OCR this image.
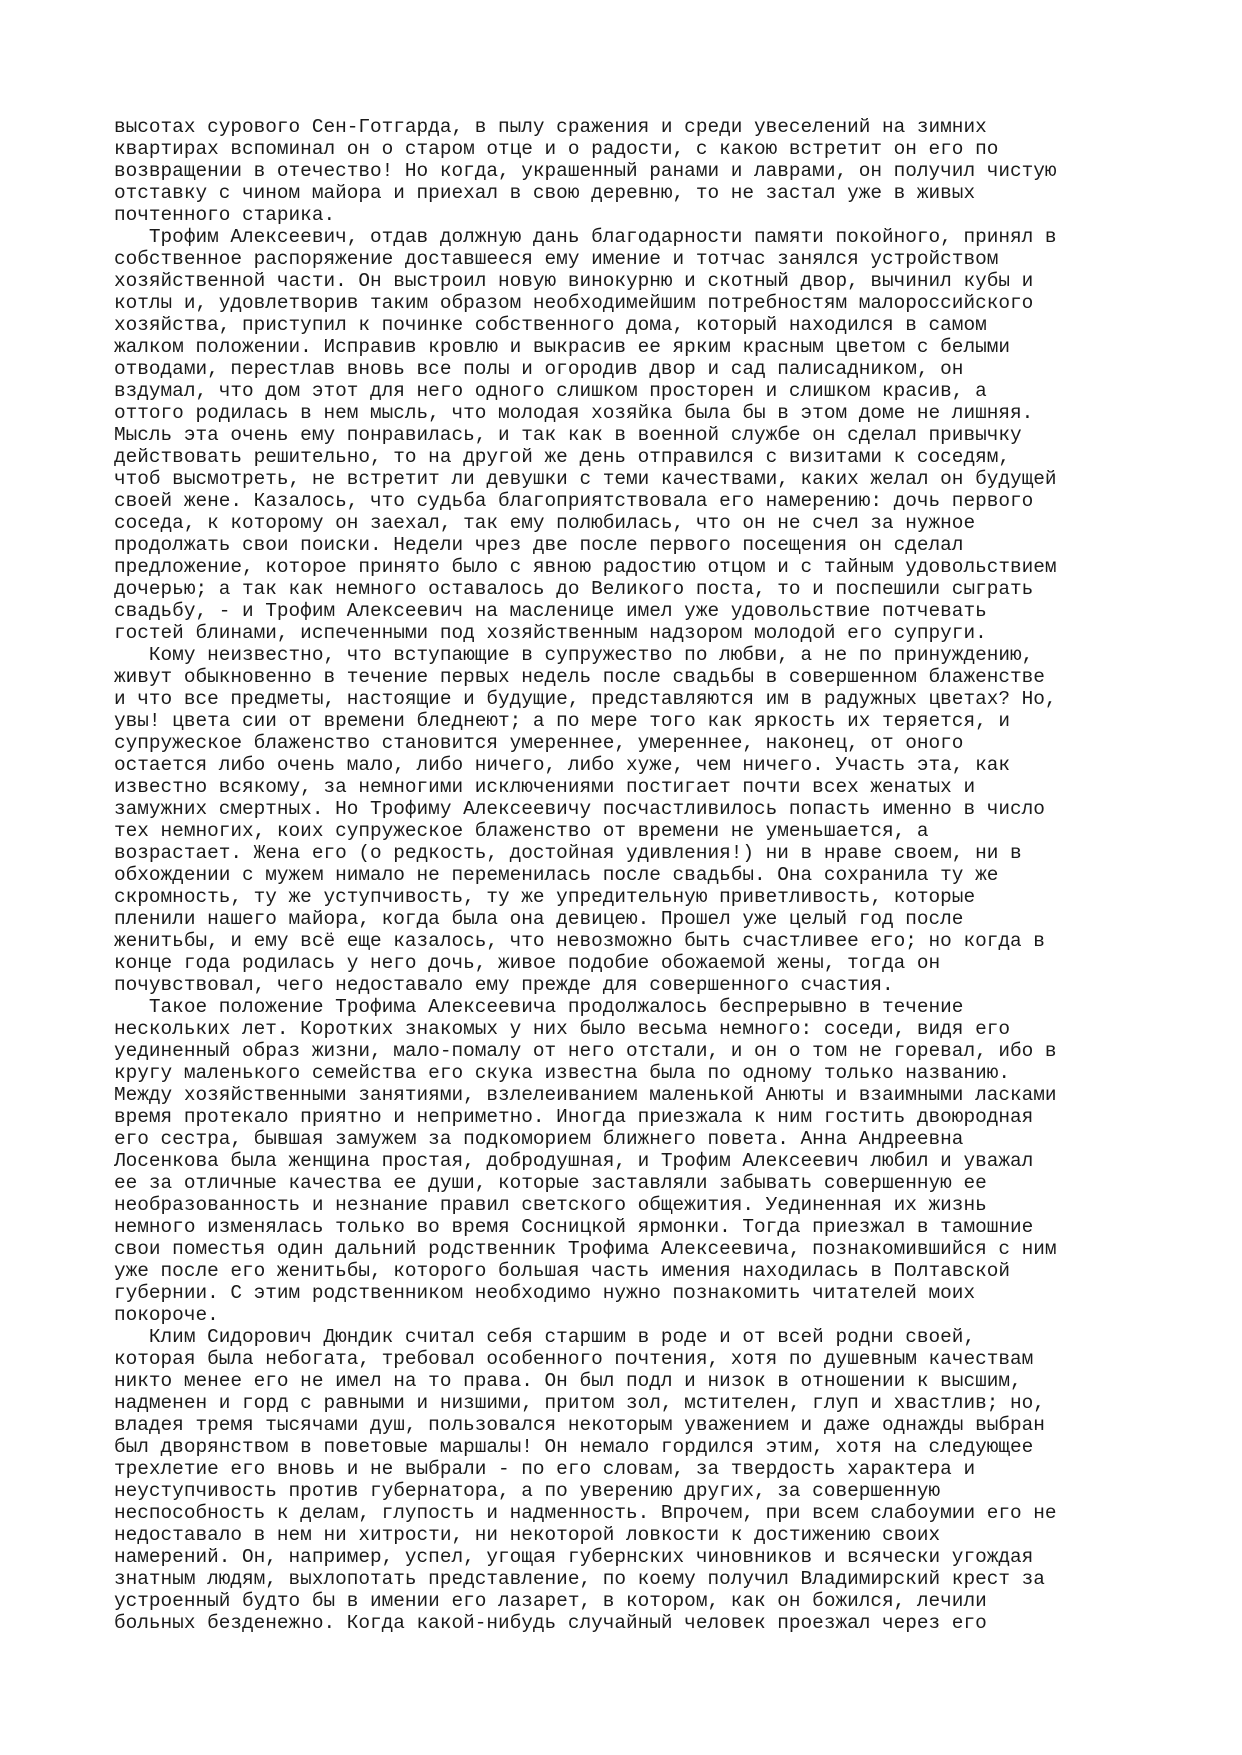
высотах сурового Сен-Готгарда, в пылу сражения и среди увеселений на зимних
квартирах вспоминал он о старом отце и о радости, с какою встретит он его по
возвращении в отечество! Но когда, украшенный ранами и лаврами, он получил чистую
отставку с чином майора и приехал в свою деревню, то не застал уже в живых
почтенного старика.
Трофим Алексеевич, отдав должную дань благодарности памяти покойного, принял в
собственное распоряжение доставшееся ему имение и тотчас занялся устройством
хозяйственной части. Он выстроил новую винокурню и скотный двор, вычинил кубы и
котлы и, удовлетворив таким образом необходимейшим потребностям малороссийского
хозяйства, приступил к починке собственного дома, который находился в самом
жалком положении. Исправив кровлю и выкрасив ее ярким красным цветом с белыми
отводами, перестлав вновь все полы и огородив двор и сад палисадником, он
вздумал, что дом этот для него одного слишком просторен и слишком красив, а
оттого родилась в нем мысль, что молодая хозяйка была бы в этом доме не лишняя.
Мысль эта очень ему понравилась, и так как в военной службе он сделал привычку
действовать решительно, то на другой же день отправился с визитами к соседям,
чтоб высмотреть, не встретит ли девушки с теми качествами, каких желал он будущей
своей жене. Казалось, что судьба благоприятствовала его намерению: дочь первого
соседа, к которому он заехал, так ему полюбилась, что он не счел за нужное
продолжать свои поиски. Недели чрез две после первого посещения он сделал
предложение, которое принято было с явною радостию отцом и с тайным удовольствием
дочерью; а так как немного оставалось до Великого поста, то и поспешили сыграть
свадьбу, - и Трофим Алексеевич на масленице имел уже удовольствие потчевать
гостей блинами, испеченными под хозяйственным надзором молодой его супруги.
Кому неизвестно, что вступающие в супружество по любви, а не по принуждению,
живут обыкновенно в течение первых недель после свадьбы в совершенном блаженстве
и что все предметы, настоящие и будущие, представляются им в радужных цветах? Но,
увы! цвета сии от времени бледнеют; а по мере того как яркость их теряется, и
супружеское блаженство становится умереннее, умереннее, наконец, от оного
остается либо очень мало, либо ничего, либо хуже, чем ничего. Участь эта, как
известно всякому, за немногими исключениями постигает почти всех женатых и
замужних смертных. Но Трофиму Алексеевичу посчастливилось попасть именно в число
тех немногих, коих супружеское блаженство от времени не уменьшается, а
возрастает. Жена его (о редкость, достойная удивления!) ни в нраве своем, ни в
обхождении с мужем нимало не переменилась после свадьбы. Она сохранила ту же
скромность, ту же уступчивость, ту же упредительную приветливость, которые
пленили нашего майора, когда была она девицею. Прошел уже целый год после
женитьбы, и ему всё еще казалось, что невозможно быть счастливее его; но когда в
конце года родилась у него дочь, живое подобие обожаемой жены, тогда он
почувствовал, чего недоставало ему прежде для совершенного счастия.
Такое положение Трофима Алексеевича продолжалось беспрерывно в течение
нескольких лет. Коротких знакомых у них было весьма немного: соседи, видя его
уединенный образ жизни, мало-помалу от него отстали, и он о том не горевал, ибо в
кругу маленького семейства его скука известна была по одному только названию.
Между хозяйственными занятиями, взлелеиванием маленькой Анюты и взаимными ласками
время протекало приятно и неприметно. Иногда приезжала к ним гостить двоюродная
его сестра, бывшая замужем за подкоморием ближнего повета. Анна Андреевна
Лосенкова была женщина простая, добродушная, и Трофим Алексеевич любил и уважал
ее за отличные качества ее души, которые заставляли забывать совершенную ее
необразованность и незнание правил светского общежития. Уединенная их жизнь
немного изменялась только во время Сосницкой ярмонки. Тогда приезжал в тамошние
свои поместья один дальний родственник Трофима Алексеевича, познакомившийся с ним
уже после его женитьбы, которого большая часть имения находилась в Полтавской
губернии. С этим родственником необходимо нужно познакомить читателей моих
покороче.
Клим Сидорович Дюндик считал себя старшим в роде и от всей родни своей,
которая была небогата, требовал особенного почтения, хотя по душевным качествам
никто менее его не имел на то права. Он был подл и низок в отношении к высшим,
надменен и горд с равными и низшими, притом зол, мстителен, глуп и хвастлив; но,
владея тремя тысячами душ, пользовался некоторым уважением и даже однажды выбран
был дворянством в поветовые маршалы! Он немало гордился этим, хотя на следующее
трехлетие его вновь и не выбрали - по его словам, за твердость характера и
неуступчивость против губернатора, а по уверению других, за совершенную
неспособность к делам, глупость и надменность. Впрочем, при всем слабоумии его не
недоставало в нем ни хитрости, ни некоторой ловкости к достижению своих
намерений. Он, например, успел, угощая губернских чиновников и всячески угождая
знатным людям, выхлопотать представление, по коему получил Владимирский крест за
устроенный будто бы в имении его лазарет, в котором, как он божился, лечили
больных безденежно. Когда какой-нибудь случайный человек проезжал через его
